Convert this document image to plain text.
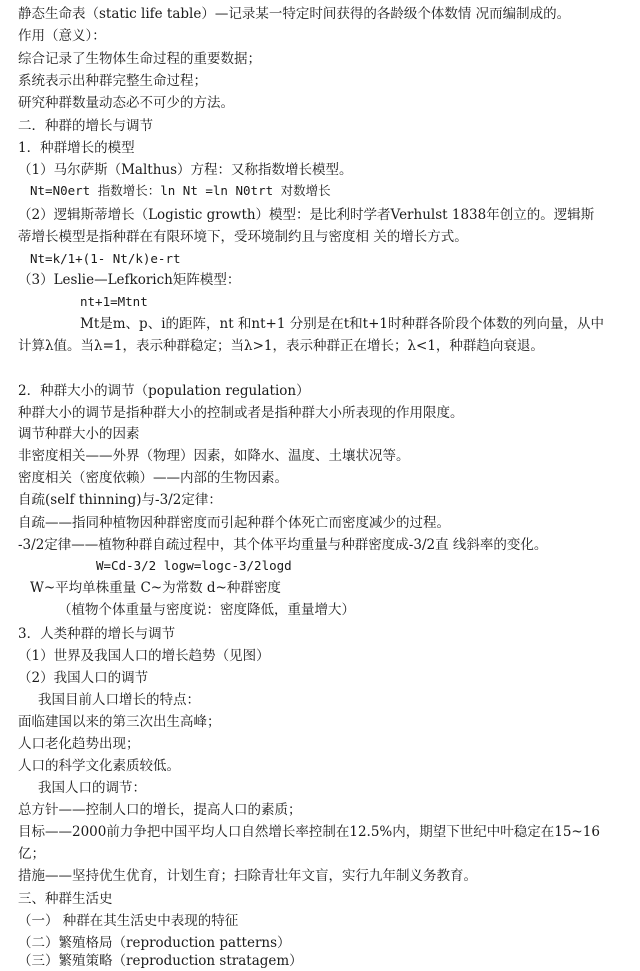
静态生命表（static life table）—记录某一特定时间获得的各龄级个体数情 况而编制成的。
作用（意义）：
综合记录了生物体生命过程的重要数据；
系统表示出种群完整生命过程；
研究种群数量动态必不可少的方法。
二．种群的增长与调节
1．种群增长的模型
（1）马尔萨斯（Malthus）方程：又称指数增长模型。
Nt=N0ert 指数增长：ln Nt =ln N0trt 对数增长
（2）逻辑斯蒂增长（Logistic growth）模型：是比利时学者Verhulst 1838年创立的。逻辑斯
蒂增长模型是指种群在有限环境下，受环境制约且与密度相 关的增长方式。
Nt=k/1+(1- Nt/k)e-rt
（3）Leslie—Lefkorich矩阵模型：
nt+1=Mtnt
Mt是m、p、i的距阵，nt 和nt+1 分别是在t和t+1时种群各阶段个体数的列向量，从中
计算λ值。当λ=1，表示种群稳定；当λ>1，表示种群正在增长；λ<1，种群趋向衰退。
2．种群大小的调节（population regulation）
种群大小的调节是指种群大小的控制或者是指种群大小所表现的作用限度。
调节种群大小的因素
非密度相关——外界（物理）因素，如降水、温度、土壤状况等。
密度相关（密度依赖）——内部的生物因素。
自疏(self thinning)与-3/2定律：
自疏——指同种植物因种群密度而引起种群个体死亡而密度减少的过程。
-3/2定律——植物种群自疏过程中，其个体平均重量与种群密度成-3/2直 线斜率的变化。
W=Cd-3/2 logw=logc-3/2logd
W~平均单株重量 C~为常数 d~种群密度
（植物个体重量与密度说：密度降低，重量增大）
3．人类种群的增长与调节
（1）世界及我国人口的增长趋势（见图）
（2）我国人口的调节
我国目前人口增长的特点：
面临建国以来的第三次出生高峰；
人口老化趋势出现；
人口的科学文化素质较低。
我国人口的调节：
总方针——控制人口的增长，提高人口的素质；
目标——2000前力争把中国平均人口自然增长率控制在12.5%内，期望下世纪中叶稳定在15~16
亿；
措施——坚持优生优育，计划生育；扫除青壮年文盲，实行九年制义务教育。
三、种群生活史
（一） 种群在其生活史中表现的特征
（二）繁殖格局（reproduction patterns）
（三）繁殖策略（reproduction stratagem）
